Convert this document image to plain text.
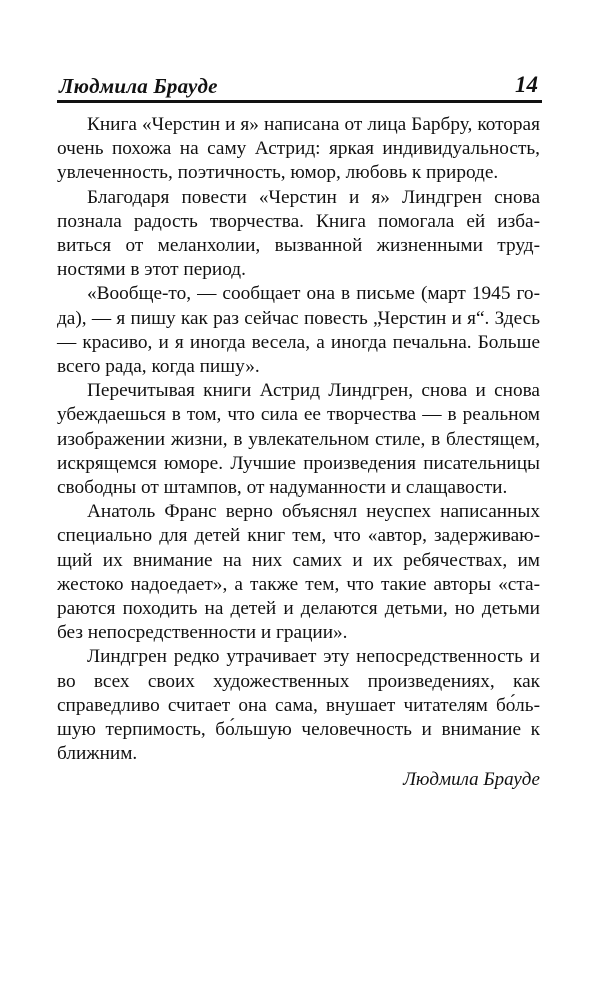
Людмила Брауде	14

Книга «Черстин и я» написана от лица Барбру, которая очень похожа на саму Астрид: яркая индивидуальность, увлеченность, поэтичность, юмор, любовь к природе.

Благодаря повести «Черстин и я» Линдгрен снова познала радость творчества. Книга помогала ей избавиться от меланхолии, вызванной жизненными трудностями в этот период.

«Вообще-то, — сообщает она в письме (март 1945 года), — я пишу как раз сейчас повесть „Черстин и я“. Здесь — красиво, и я иногда весела, а иногда печальна. Больше всего рада, когда пишу».

Перечитывая книги Астрид Линдгрен, снова и снова убеждаешься в том, что сила ее творчества — в реальном изображении жизни, в увлекательном стиле, в блестящем, искрящемся юморе. Лучшие произведения писательницы свободны от штампов, от надуманности и слащавости.

Анатоль Франс верно объяснял неуспех написанных специально для детей книг тем, что «автор, задерживающий их внимание на них самих и их ребячествах, им жестоко надоедает», а также тем, что такие авторы «стараются походить на детей и делаются детьми, но детьми без непосредственности и грации».

Линдгрен редко утрачивает эту непосредственность и во всех своих художественных произведениях, как справедливо считает она сама, внушает читателям бо́льшую терпимость, бо́льшую человечность и внимание к ближним.

Людмила Брауде
